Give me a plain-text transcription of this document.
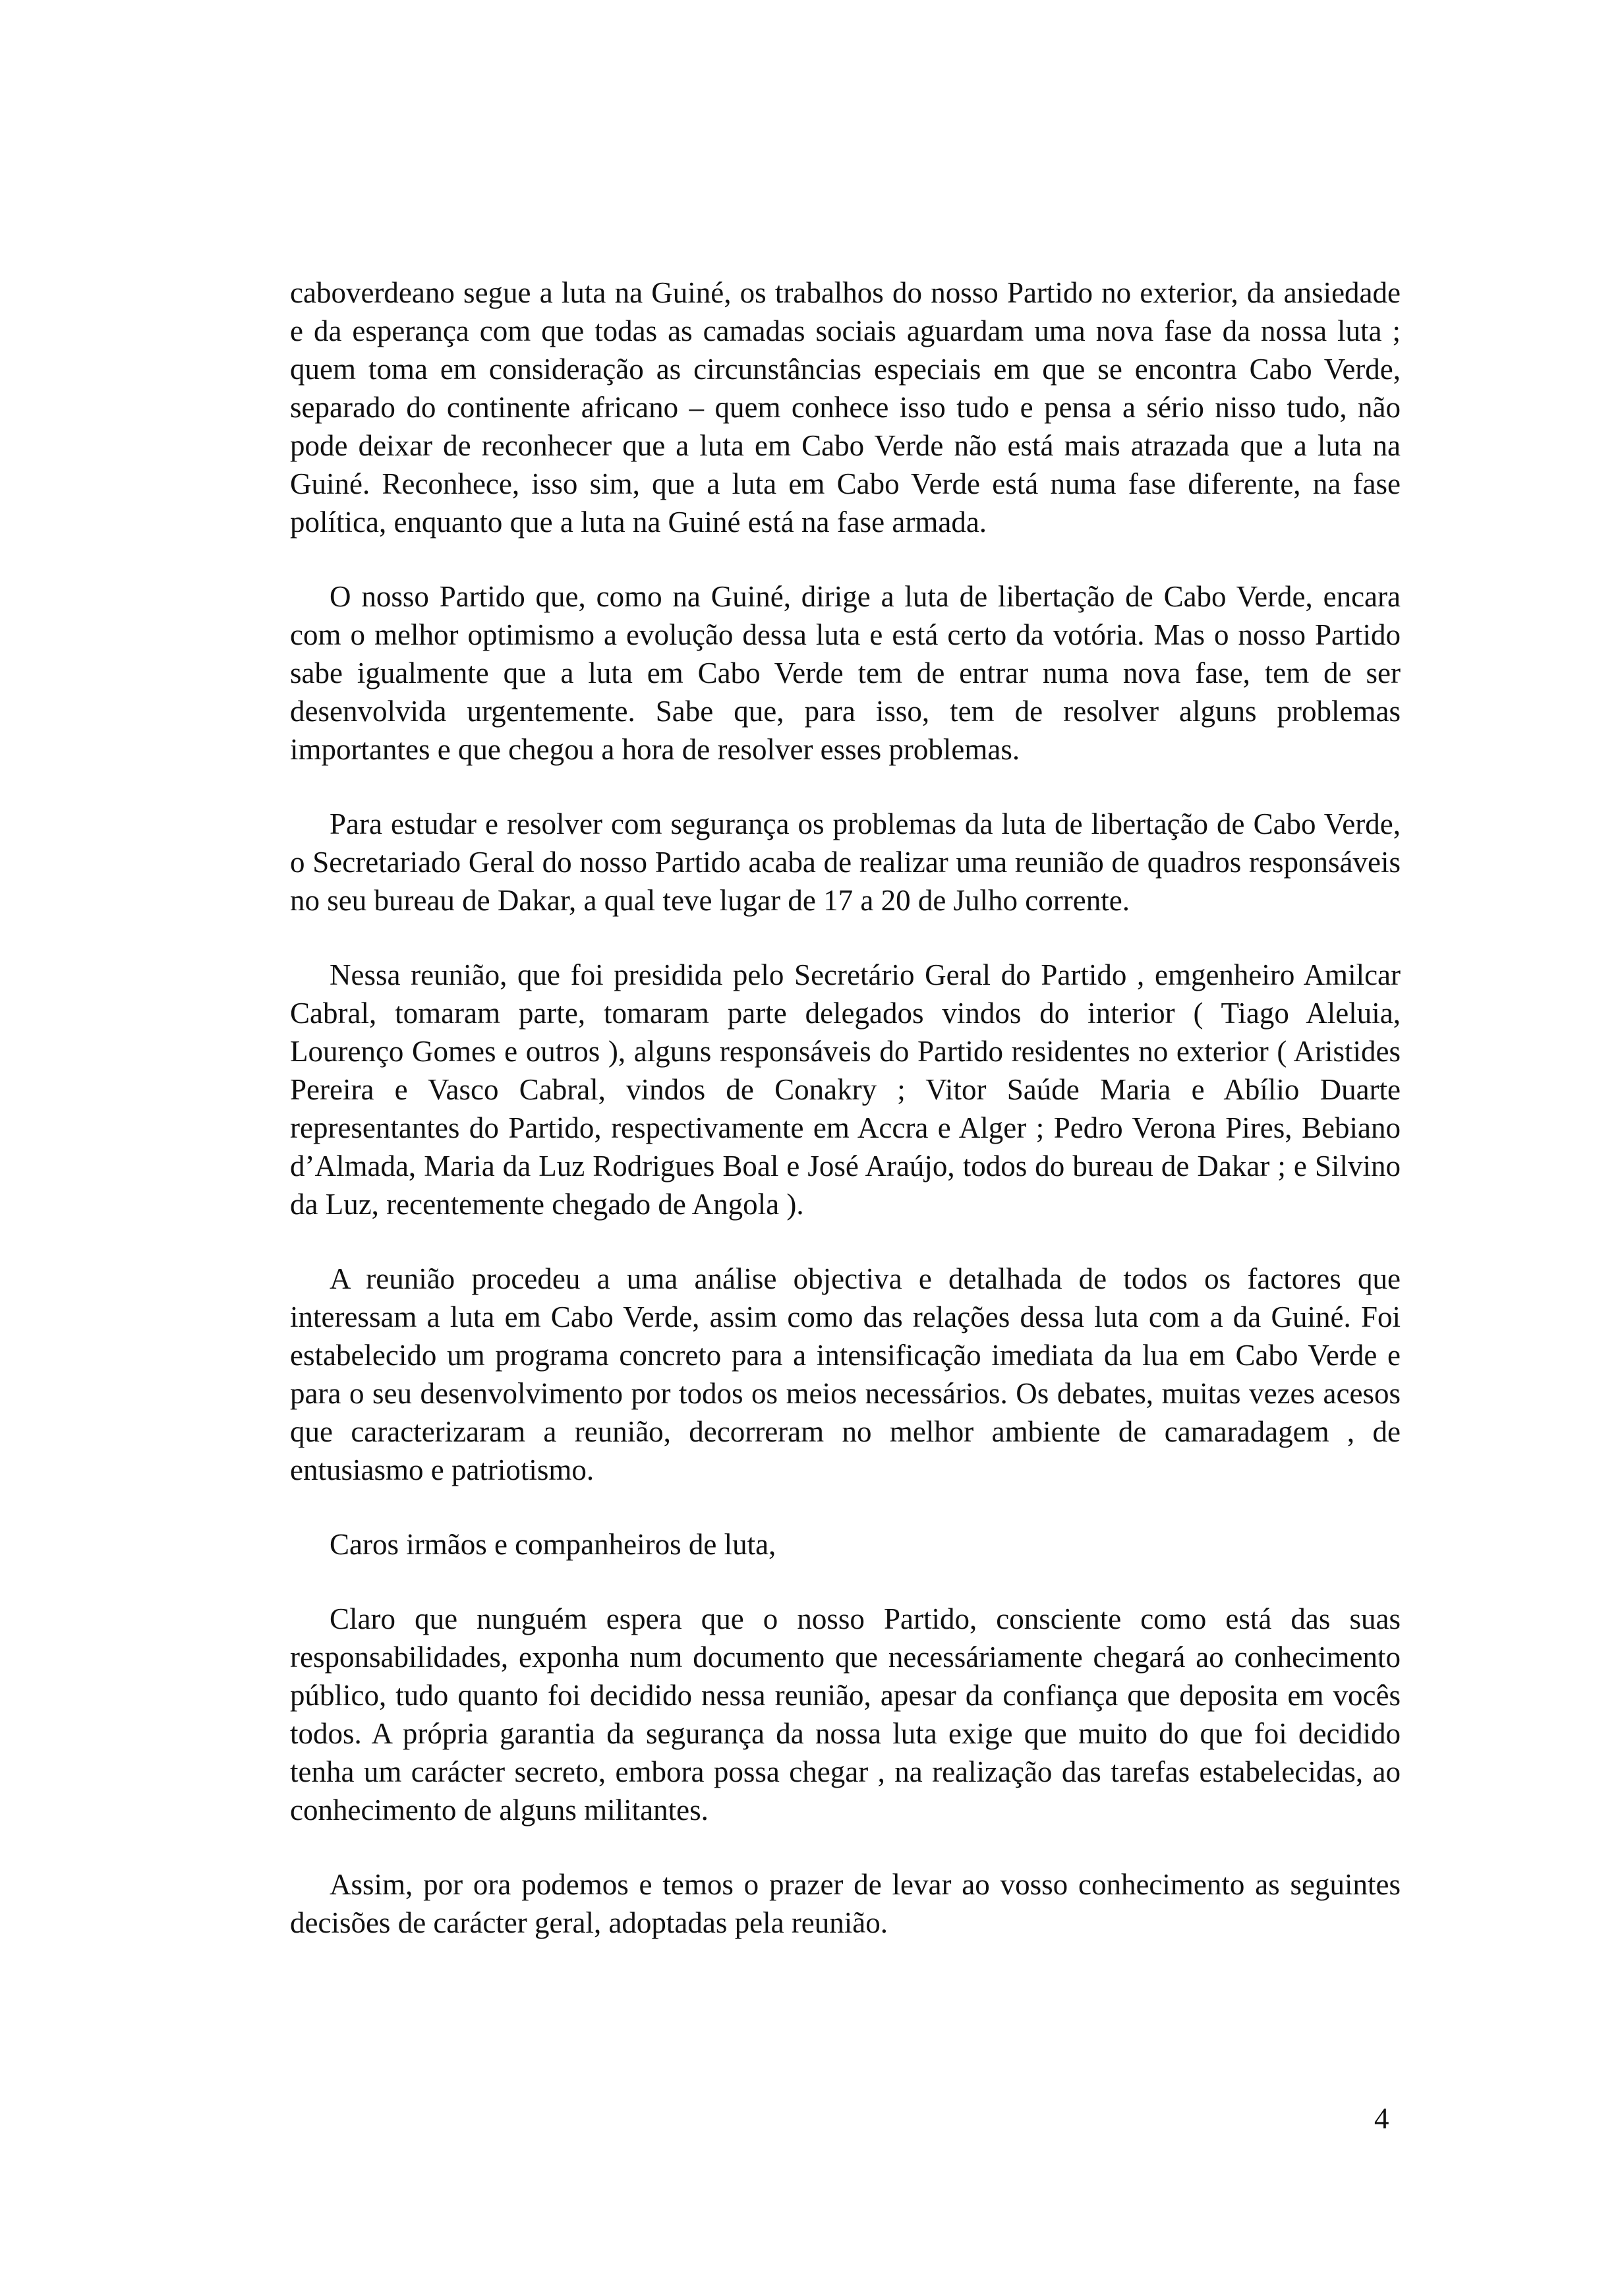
caboverdeano segue a luta na Guiné, os trabalhos do nosso Partido no exterior, da ansiedade e da esperança com que todas as camadas sociais aguardam uma nova fase da nossa luta ; quem toma em consideração as circunstâncias especiais em que se encontra Cabo Verde, separado do continente africano – quem conhece isso tudo e pensa a sério nisso tudo, não pode deixar de reconhecer que a luta em Cabo Verde não está mais atrazada que a luta na Guiné. Reconhece, isso sim, que a luta em Cabo Verde está numa fase diferente, na fase política, enquanto que a luta na Guiné está na fase armada.

O nosso Partido que, como na Guiné, dirige a luta de libertação de Cabo Verde, encara com o melhor optimismo a evolução dessa luta e está certo da votória. Mas o nosso Partido sabe igualmente que a luta em Cabo Verde tem de entrar numa nova fase, tem de ser desenvolvida urgentemente. Sabe que, para isso, tem de resolver alguns problemas importantes e que chegou a hora de resolver esses problemas.

Para estudar e resolver com segurança os problemas da luta de libertação de Cabo Verde, o Secretariado Geral do nosso Partido acaba de realizar uma reunião de quadros responsáveis no seu bureau de Dakar, a qual teve lugar de 17 a 20 de Julho corrente.

Nessa reunião, que foi presidida pelo Secretário Geral do Partido , emgenheiro Amilcar Cabral, tomaram parte, tomaram parte delegados vindos do interior ( Tiago Aleluia, Lourenço Gomes e outros ), alguns responsáveis do Partido residentes no exterior ( Aristides Pereira e Vasco Cabral, vindos de Conakry ; Vitor Saúde Maria e Abílio Duarte representantes do Partido, respectivamente em Accra e Alger ; Pedro Verona Pires, Bebiano d’Almada, Maria da Luz Rodrigues Boal e José Araújo, todos do bureau de Dakar ; e Silvino da Luz, recentemente chegado de Angola ).

A reunião procedeu a uma análise objectiva e detalhada de todos os factores que interessam a luta em Cabo Verde, assim como das relações dessa luta com a da Guiné. Foi estabelecido um programa concreto para a intensificação imediata da lua em Cabo Verde e para o seu desenvolvimento por todos os meios necessários. Os debates, muitas vezes acesos que caracterizaram a reunião, decorreram no melhor ambiente de camaradagem , de entusiasmo e patriotismo.

Caros irmãos e companheiros de luta,

Claro que nunguém espera que o nosso Partido, consciente como está das suas responsabilidades, exponha num documento que necessáriamente chegará ao conhecimento público, tudo quanto foi decidido nessa reunião, apesar da confiança que deposita em vocês todos. A própria garantia da segurança da nossa luta exige que muito do que foi decidido tenha um carácter secreto, embora possa chegar , na realização das tarefas estabelecidas, ao conhecimento de alguns militantes.

Assim, por ora podemos e temos o prazer de levar ao vosso conhecimento as seguintes decisões de carácter geral, adoptadas pela reunião.

4
